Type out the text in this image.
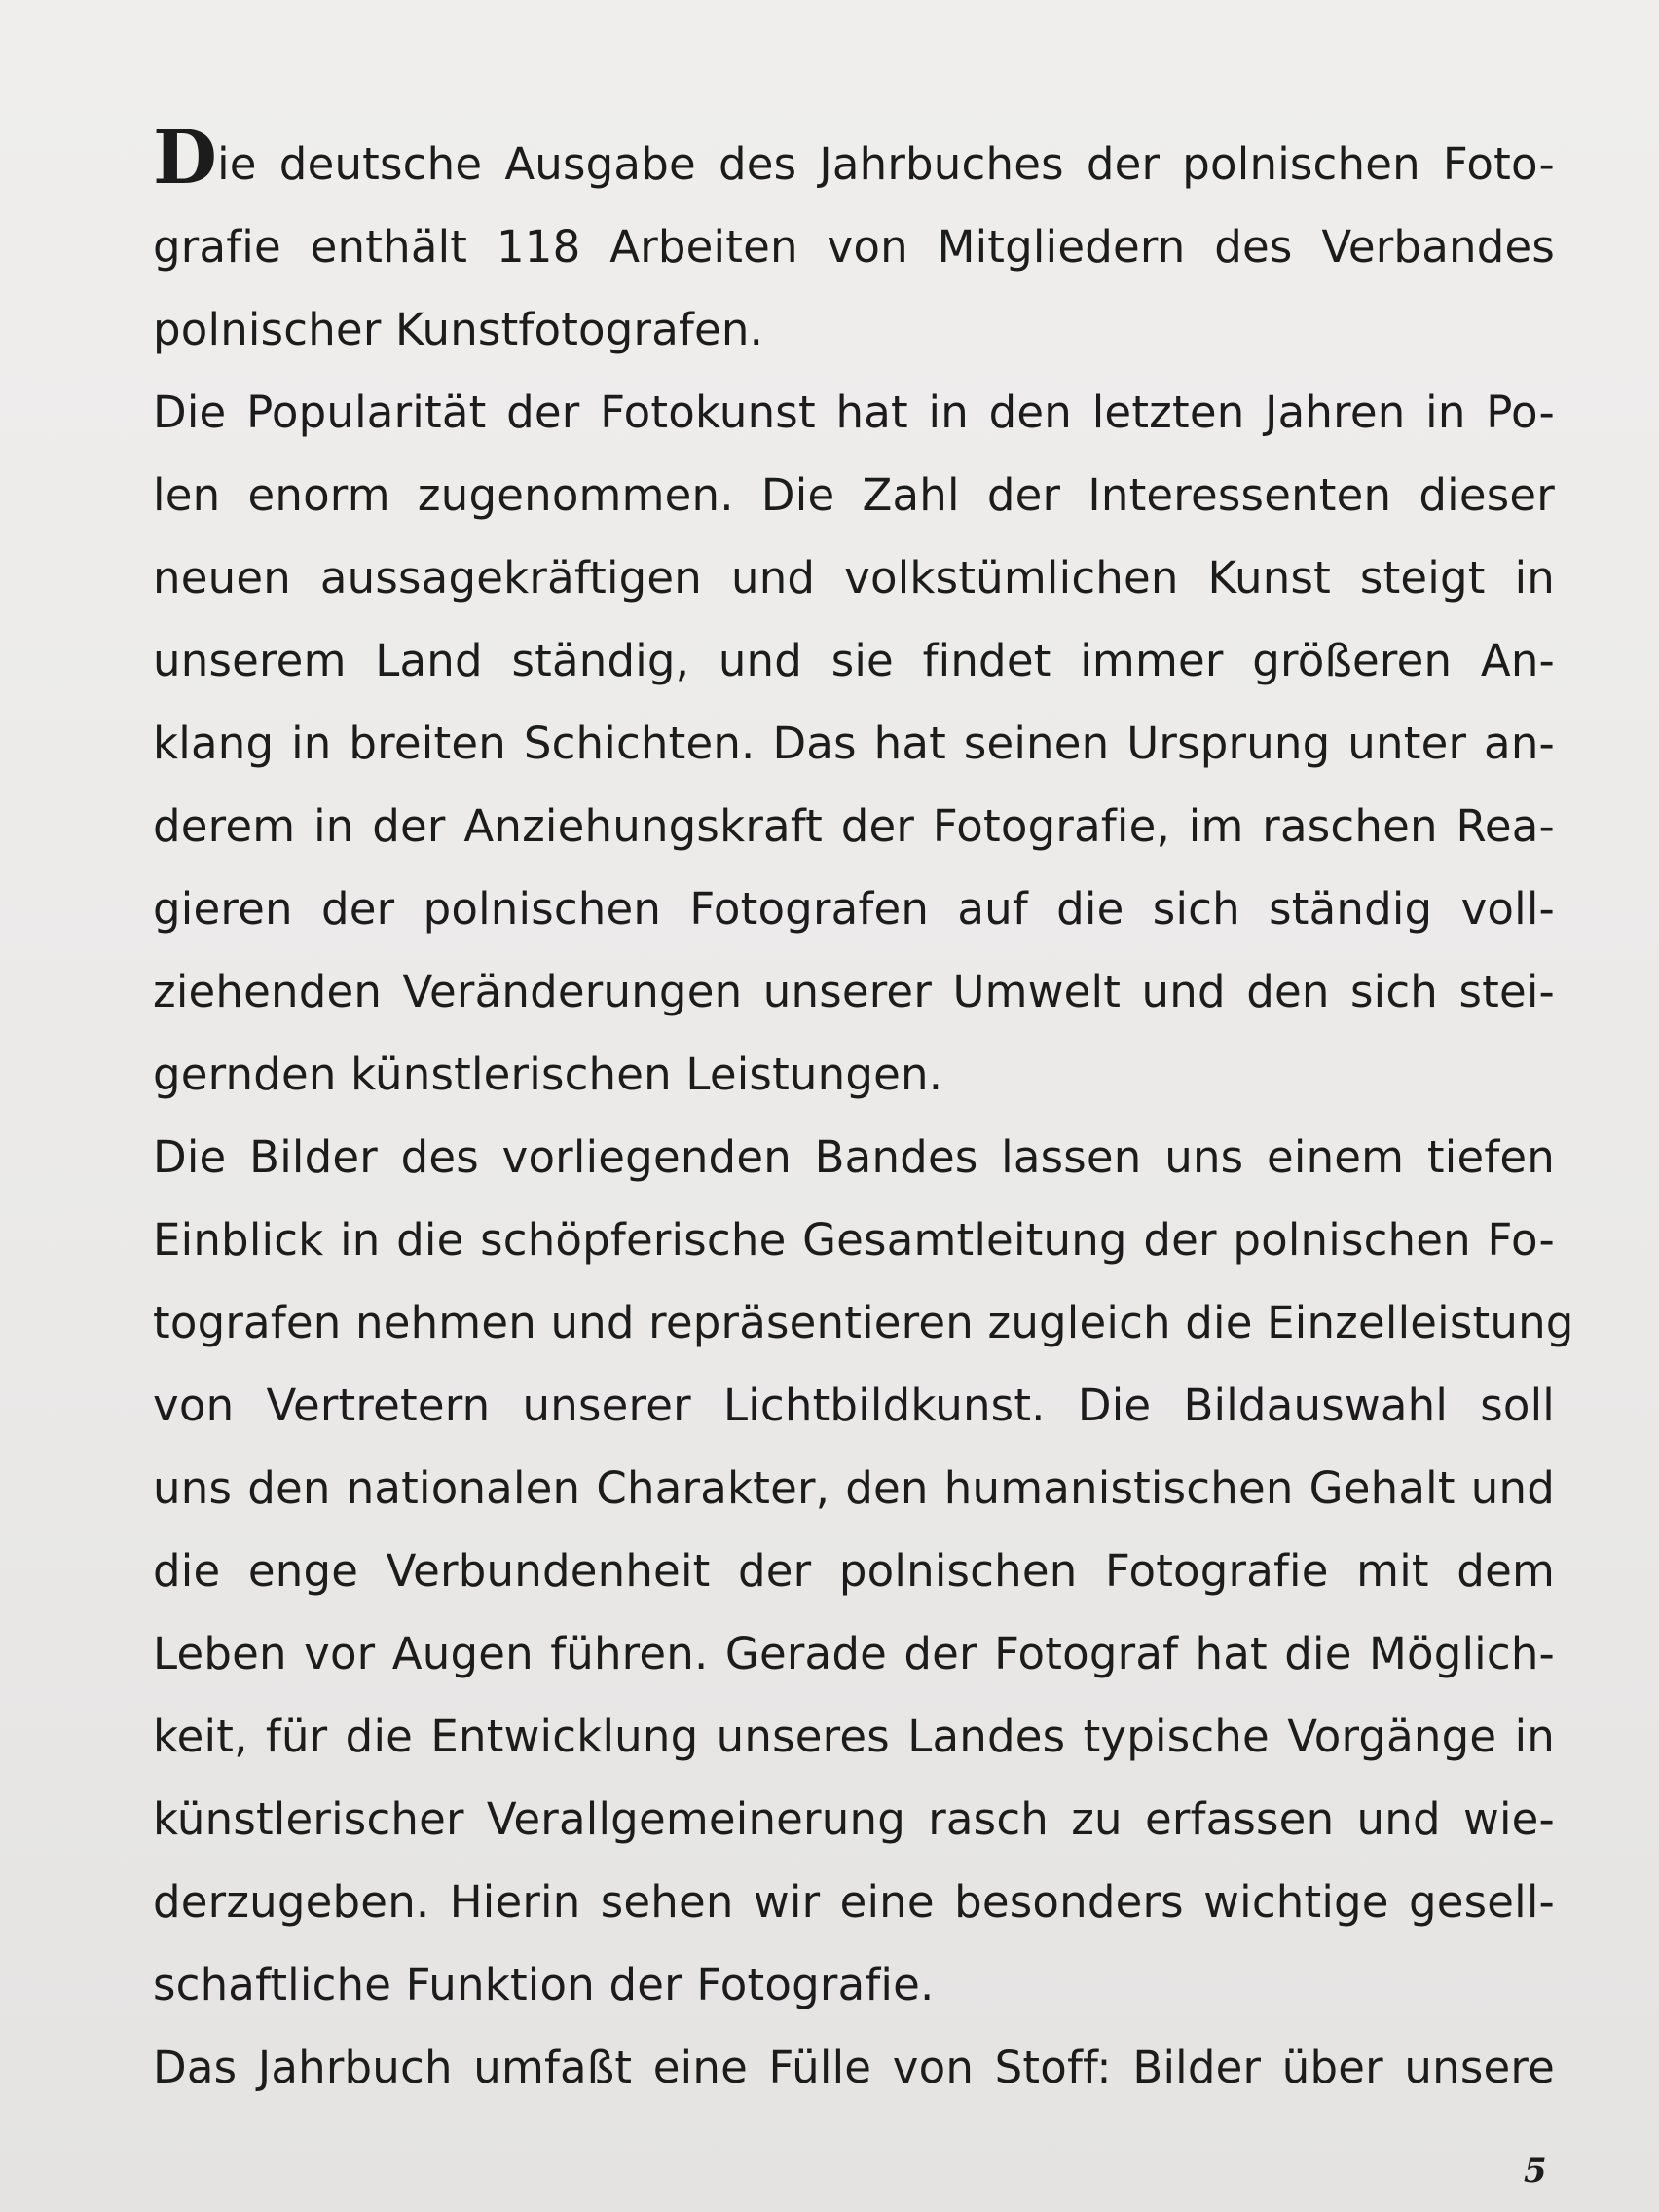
Die deutsche Ausgabe des Jahrbuches der polnischen Foto-
grafie enthält 118 Arbeiten von Mitgliedern des Verbandes
polnischer Kunstfotografen.
Die Popularität der Fotokunst hat in den letzten Jahren in Po-
len enorm zugenommen. Die Zahl der Interessenten dieser
neuen aussagekräftigen und volkstümlichen Kunst steigt in
unserem Land ständig, und sie findet immer größeren An-
klang in breiten Schichten. Das hat seinen Ursprung unter an-
derem in der Anziehungskraft der Fotografie, im raschen Rea-
gieren der polnischen Fotografen auf die sich ständig voll-
ziehenden Veränderungen unserer Umwelt und den sich stei-
gernden künstlerischen Leistungen.
Die Bilder des vorliegenden Bandes lassen uns einem tiefen
Einblick in die schöpferische Gesamtleitung der polnischen Fo-
tografen nehmen und repräsentieren zugleich die Einzelleistung
von Vertretern unserer Lichtbildkunst. Die Bildauswahl soll
uns den nationalen Charakter, den humanistischen Gehalt und
die enge Verbundenheit der polnischen Fotografie mit dem
Leben vor Augen führen. Gerade der Fotograf hat die Möglich-
keit, für die Entwicklung unseres Landes typische Vorgänge in
künstlerischer Verallgemeinerung rasch zu erfassen und wie-
derzugeben. Hierin sehen wir eine besonders wichtige gesell-
schaftliche Funktion der Fotografie.
Das Jahrbuch umfaßt eine Fülle von Stoff: Bilder über unsere
5
